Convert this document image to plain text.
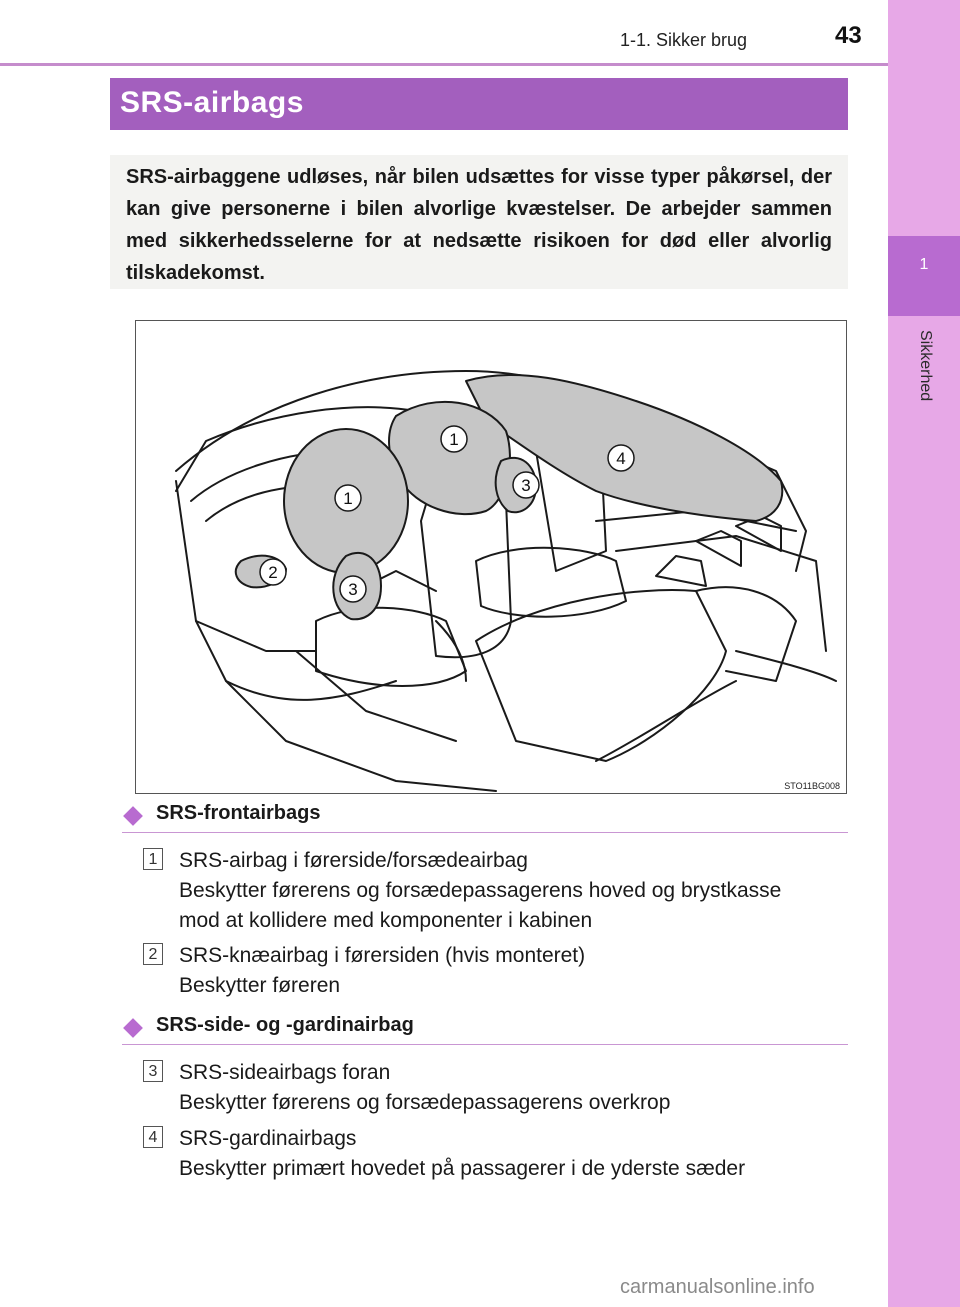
1
Sikkerhed
1-1. Sikker brug	43
SRS-airbags
SRS-airbaggene udløses, når bilen udsættes for visse typer påkørsel, der kan give personerne i bilen alvorlige kvæstelser. De arbejder sammen med sikkerhedsselerne for at nedsætte risikoen for død eller alvorlig tilskadekomst.
1
1
2
3
3
4
STO11BG008
SRS-frontairbags
1 SRS-airbag i førerside/forsædeairbag
Beskytter førerens og forsædepassagerens hoved og brystkasse
mod at kollidere med komponenter i kabinen
2 SRS-knæairbag i førersiden (hvis monteret)
Beskytter føreren
SRS-side- og -gardinairbag
3 SRS-sideairbags foran
Beskytter førerens og forsædepassagerens overkrop
4 SRS-gardinairbags
Beskytter primært hovedet på passagerer i de yderste sæder
carmanualsonline.info
